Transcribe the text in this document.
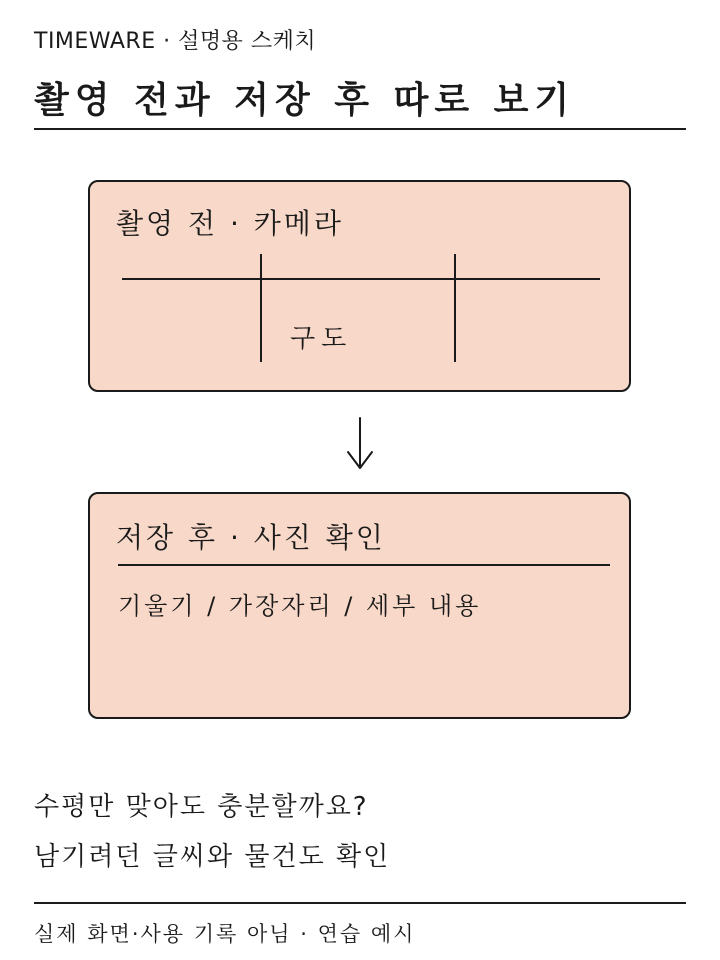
TIMEWARE · 설명용 스케치
촬영 전과 저장 후 따로 보기
촬영 전 · 카메라
구도
저장 후 · 사진 확인
기울기 / 가장자리 / 세부 내용
수평만 맞아도 충분할까요?
남기려던 글씨와 물건도 확인
실제 화면·사용 기록 아님 · 연습 예시
